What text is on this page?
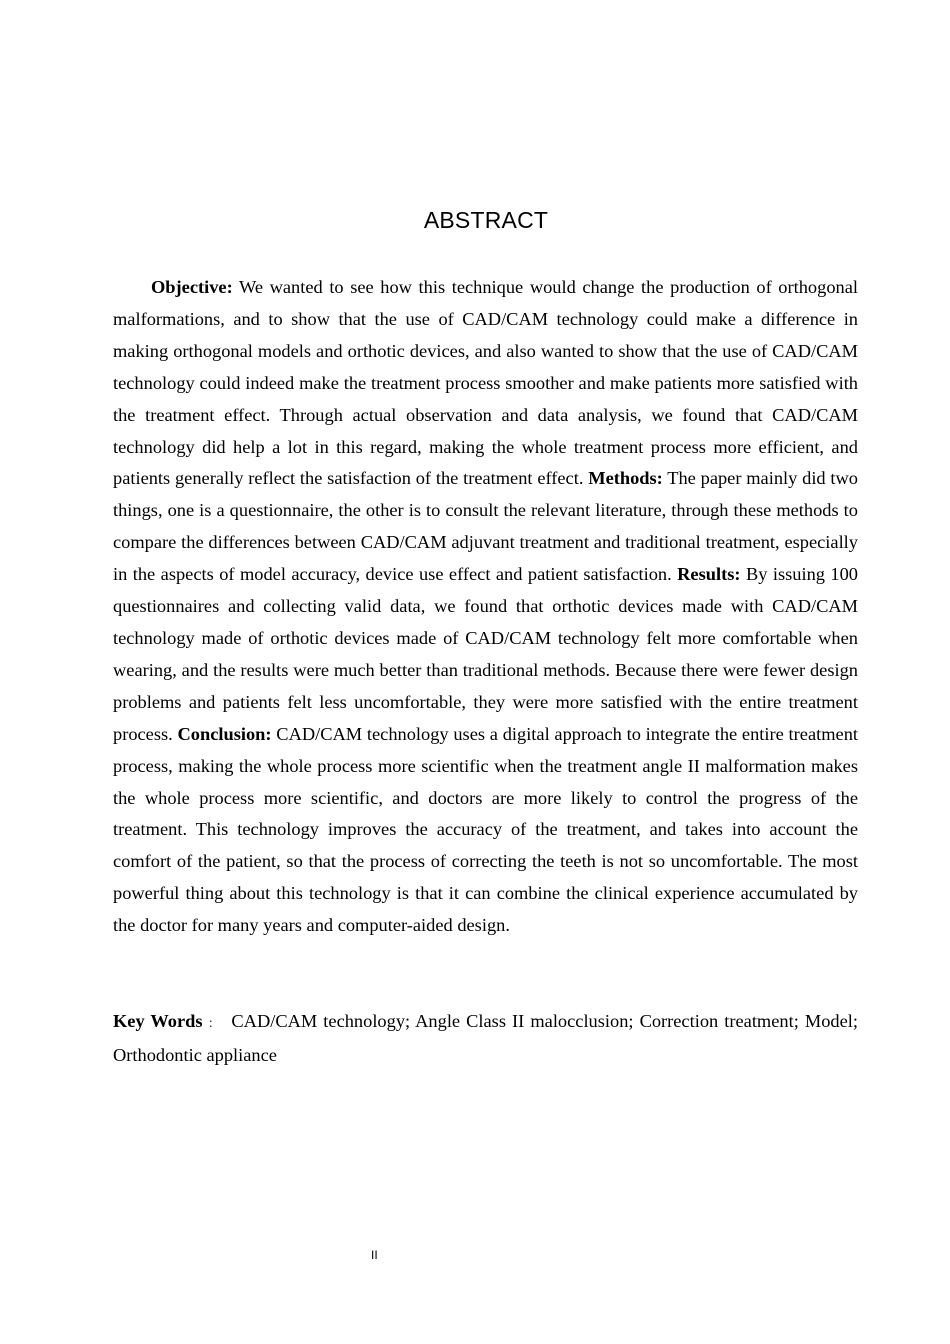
ABSTRACT

Objective: We wanted to see how this technique would change the production of orthogonal malformations, and to show that the use of CAD/CAM technology could make a difference in making orthogonal models and orthotic devices, and also wanted to show that the use of CAD/CAM technology could indeed make the treatment process smoother and make patients more satisfied with the treatment effect. Through actual observation and data analysis, we found that CAD/CAM technology did help a lot in this regard, making the whole treatment process more efficient, and patients generally reflect the satisfaction of the treatment effect. Methods: The paper mainly did two things, one is a questionnaire, the other is to consult the relevant literature, through these methods to compare the differences between CAD/CAM adjuvant treatment and traditional treatment, especially in the aspects of model accuracy, device use effect and patient satisfaction. Results: By issuing 100 questionnaires and collecting valid data, we found that orthotic devices made with CAD/CAM technology made of orthotic devices made of CAD/CAM technology felt more comfortable when wearing, and the results were much better than traditional methods. Because there were fewer design problems and patients felt less uncomfortable, they were more satisfied with the entire treatment process. Conclusion: CAD/CAM technology uses a digital approach to integrate the entire treatment process, making the whole process more scientific when the treatment angle II malformation makes the whole process more scientific, and doctors are more likely to control the progress of the treatment. This technology improves the accuracy of the treatment, and takes into account the comfort of the patient, so that the process of correcting the teeth is not so uncomfortable. The most powerful thing about this technology is that it can combine the clinical experience accumulated by the doctor for many years and computer-aided design.

Key Words ： CAD/CAM technology; Angle Class II malocclusion; Correction treatment; Model; Orthodontic appliance

II
